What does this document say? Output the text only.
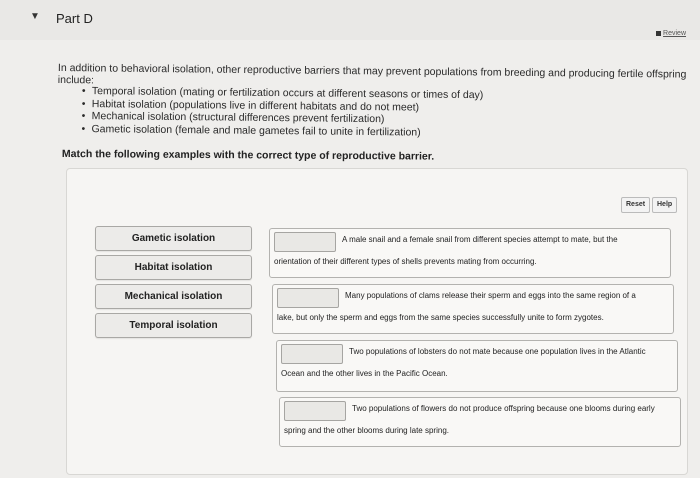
▼ Part D
Review
In addition to behavioral isolation, other reproductive barriers that may prevent populations from breeding and producing fertile offspring include:
• Temporal isolation (mating or fertilization occurs at different seasons or times of day)
• Habitat isolation (populations live in different habitats and do not meet)
• Mechanical isolation (structural differences prevent fertilization)
• Gametic isolation (female and male gametes fail to unite in fertilization)
Match the following examples with the correct type of reproductive barrier.
Reset	Help
Gametic isolation
Habitat isolation
Mechanical isolation
Temporal isolation
A male snail and a female snail from different species attempt to mate, but the
orientation of their different types of shells prevents mating from occurring.
Many populations of clams release their sperm and eggs into the same region of a
lake, but only the sperm and eggs from the same species successfully unite to form zygotes.
Two populations of lobsters do not mate because one population lives in the Atlantic
Ocean and the other lives in the Pacific Ocean.
Two populations of flowers do not produce offspring because one blooms during early
spring and the other blooms during late spring.
